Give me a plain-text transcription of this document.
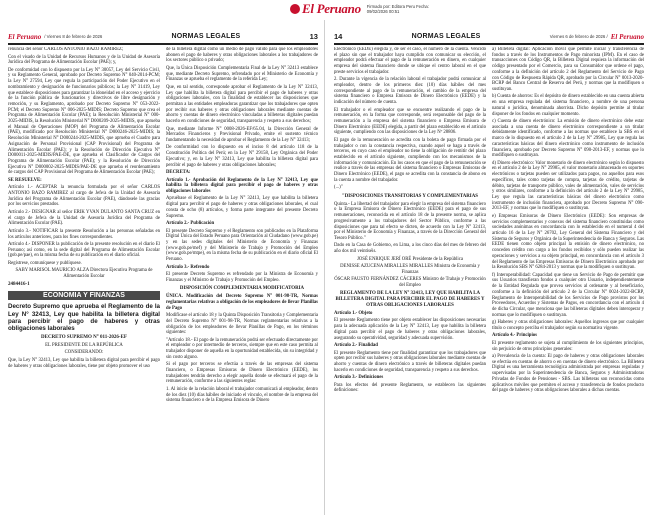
El Peruano Firmado por: Editora Peru Fecha: 09/02/2026 00:51
El Peruano / Viernes 8 de febrero de 2026	NORMAS LEGALES	13

renuncia del señor CARLOS ANTONIO BAZO RAMIREZ;

Con el visado de la Unidad de Recursos Humanos y de la Unidad de Asesoría Jurídica del Programa de Alimentación Escolar (PAE); y,

De conformidad con lo dispuesto por la Ley N° 30057, Ley del Servicio Civil, y su Reglamento General, aprobado por Decreto Supremo N° 040-2014-PCM; la Ley N° 27594, Ley que regula la participación del Poder Ejecutivo en el nombramiento y designación de funcionarios públicos; la Ley N° 31419, Ley que establece disposiciones para garantizar la idoneidad en el acceso y ejercicio de la función pública de funcionarios y directivos de libre designación y remoción, y su Reglamento, aprobado por Decreto Supremo N° 053-2022-PCM; el Decreto Supremo N° 006-2025-MIDIS; Decreto Supremo que crea el Programa de Alimentación Escolar (PAE); la Resolución Ministerial N° 000-2025-MIDIS, la Resolución Ministerial N° D000209-2025-MIDIS, que aprueba el Manual de Operaciones (MOP) del Programa de Alimentación Escolar (PAE), modificado por Resolución Ministerial N° D000246-2025-MIDIS; la Resolución Ministerial N° D000244-2025-MIDIS, que aprueba el Cuadro para Asignación de Personal Provisional (CAP Provisional) del Programa de Alimentación Escolar (PAE); y la Resolución de Dirección Ejecutiva N° D000011-2025-MIDIS/PAE-DE, que aprueba el Clasificador de Cargos del Programa de Alimentación Escolar (PAE); y la Resolución de Dirección Ejecutiva N° D000002-2025-MIDIS/PAE-DE que aprueba el reordenamiento de cargos del CAP Provisional del Programa de Alimentación Escolar (PAE);

SE RESUELVE:

Artículo 1.- ACEPTAR la renuncia formulada por el señor CARLOS ANTONIO BAZO RAMIREZ al cargo de Jefe/a de la Unidad de Asesoría Jurídica del Programa de Alimentación Escolar (PAE), dándosele las gracias por los servicios prestados.

Artículo 2.- DESIGNAR al señor ERIK YVAN DULANTO SANTA CRUZ en el cargo de Jefe/a de la Unidad de Asesoría Jurídica del Programa de Alimentación Escolar (PAE).

Artículo 3.- NOTIFICAR la presente Resolución a las personas señaladas en los artículos anteriores, para los fines correspondientes.

Artículo 4.- DISPONER la publicación de la presente resolución en el diario El Peruano; así como, en la sede digital del Programa de Alimentación Escolar (gob.pe/pae), en la misma fecha de su publicación en el diario oficial.

Regístrese, comuníquese y publíquese.

SABY MARISOL MAURICIO ALZA Directora Ejecutiva Programa de Alimentación Escolar

2484416-1

ECONOMIA Y FINANZAS
Decreto Supremo que aprueba el Reglamento de la Ley N° 32413, Ley que habilita la billetera digital para percibir el pago de haberes y otras obligaciones laborales

DECRETO SUPREMO N° 011-2026-EF

EL PRESIDENTE DE LA REPÚBLICA

CONSIDERANDO:

Que, la Ley N° 32413, Ley que habilita la billetera digital para percibir el pago de haberes y otras obligaciones laborales, tiene por objeto promover el uso

de la billetera digital como un medio de pago válido para que los empleadores abonen el pago de haberes y otras obligaciones laborales a los trabajadores de los sectores público o privado;

Que, la Única Disposición Complementaria Final de la Ley N° 32413 establece que, mediante Decreto Supremo, refrendado por el Ministerio de Economía y Finanzas se aprueba el reglamento de la referida Ley;

Que, en tal sentido, corresponde aprobar el Reglamento de la Ley N° 32413, Ley que habilita la billetera digital para percibir el pago de haberes y otras obligaciones laborales, con la finalidad de establecer las disposiciones que permitan a las entidades empleadoras garantizar que los trabajadores que opten por recibir sus haberes y otras obligaciones laborales mediante cuentas de ahorro y cuentas de dinero electrónico vinculadas a billeteras digitales puedan hacerlo en condiciones de seguridad, transparencia y respeto a sus derechos;

Que, mediante Informe N° 0008-2026-EF/65.04, la Dirección General de Mercados Financieros y Previsional Privado, emite el sustento técnico fundamentando la necesidad de aprobar el Reglamento de la Ley N° 32413;

De conformidad con lo dispuesto en el inciso 8 del artículo 118 de la Constitución Política del Perú; en la Ley N° 29158, Ley Orgánica del Poder Ejecutivo; y, en la Ley N° 32413, Ley que habilita la billetera digital para percibir el pago de haberes y otras obligaciones laborales;

DECRETA:

Artículo 1.- Aprobación del Reglamento de la Ley N° 32413, Ley que habilita la billetera digital para percibir el pago de haberes y otras obligaciones laborales

Apruébase el Reglamento de la Ley N° 32413, Ley que habilita la billetera digital para percibir el pago de haberes y otras obligaciones laborales, el cual consta de ocho (8) artículos, y forma parte integrante del presente Decreto Supremo.

Artículo 2.- Publicación

El presente Decreto Supremo y el Reglamento son publicados en la Plataforma Digital Única del Estado Peruano para Orientación al Ciudadano (www.gob.pe) y en las sedes digitales del Ministerio de Economía y Finanzas (www.gob.pe/mef) y del Ministerio de Trabajo y Promoción del Empleo (www.gob.pe/mtpe), en la misma fecha de su publicación en el diario oficial El Peruano.

Artículo 3.- Refrendo

El presente Decreto Supremo es refrendado por la Ministra de Economía y Finanzas y el Ministro de Trabajo y Promoción del Empleo.

DISPOSICIÓN COMPLEMENTARIA MODIFICATORIA

ÚNICA. Modificación del Decreto Supremo N° 001-98-TR, Normas reglamentarias relativas a obligación de los empleadores de llevar Planillas de Pago

Modifícase el artículo 18 y la Quinta Disposición Transitoria y Complementaria del Decreto Supremo N° 001-98-TR, Normas reglamentarias relativas a la obligación de los empleadores de llevar Planillas de Pago, en los términos siguientes:

"Artículo 18.- El pago de la remuneración podrá ser efectuado directamente por el empleador o por intermedio de terceros, siempre que en este caso permita al trabajador disponer de aquella en la oportunidad establecida, sin su integridad y sin costo alguno.

Si el pago por terceros se efectúa a través de las empresas del sistema financiero, o Empresas Emisoras de Dinero Electrónico (EEDE), los trabajadores tendrán derecho a elegir aquella donde se efectuará el pago de la remuneración, conforme a las siguientes reglas:

1. Al inicio de la relación laboral el trabajador comunicará al empleador, dentro de los diez (10) días hábiles de iniciado el vínculo, el nombre de la empresa del sistema financiero o de la Empresa Emisora de Dinero

14	NORMAS LEGALES	Viernes 6 de febrero de 2026 / El Peruano

Electrónico (EEDE) elegida y, de ser el caso, el número de la cuenta. Vencido el plazo sin que el trabajador haya cumplido con comunicar su elección, el empleador podrá efectuar el pago de la remuneración en dinero, en cualquier empresa del sistema financiero donde se ubique el centro laboral en el que preste servicios el trabajador.

2. Durante la vigencia de la relación laboral el trabajador podrá comunicar al empleador, dentro de los primeros diez (10) días hábiles del mes correspondiente al pago de la remuneración, el cambio de la empresa del sistema financiero o Empresa Emisora de Dinero Electrónico (EEDE) y la indicación del número de cuenta.

El trabajador o el empleador que se encuentre realizando el pago de la remuneración, en la forma que corresponde, será responsable del pago de la remuneración a la empresa del sistema financiero o Empresa Emisora de Dinero Electrónico (EEDE) elegida, a partir del plazo establecido en el artículo siguiente, cumpliendo con las disposiciones de la Ley Nº 28806.

El pago de la remuneración se acredita con la boleta de pago firmada por el trabajador o con la constancia respectiva, cuando aquel se haga a través de terceros, en cuyo caso el empleador no tiene la obligación de remitir del plazo establecido en el artículo siguiente, cumpliendo con los mecanismos de la información y comunicación. En los casos en que el pago de la remuneración se realice a través de las empresas del sistema financiero o Empresas Emisoras de Dinero Electrónico (EEDE), el pago se acredita con la constancia de abono en la cuenta a nombre del trabajador.

(...)"

"DISPOSICIONES TRANSITORIAS Y COMPLEMENTARIAS

Quinta.- La libertad del trabajador para elegir la empresa del sistema financiero o la Empresa Emisora de Dinero Electrónico (EEDE) para el pago de sus remuneraciones, reconocida en el artículo 18 de la presente norma, se aplica progresivamente a los trabajadores del Sector Público, conforme a las disposiciones que para tal efecto se dicten, de acuerdo con la Ley N° 32413, por el Ministerio de Economía y Finanzas, a través de la Dirección General del Tesoro Público."

Dado en la Casa de Gobierno, en Lima, a los cinco días del mes de febrero del año dos mil veintiséis.

JOSÉ ENRIQUE JERÍ ORÉ Presidente de la República

DENISSE AZUCENA MIRALLES MIRALLES Ministra de Economía y Finanzas

ÓSCAR FAUSTO FERNÁNDEZ CÁCERES Ministro de Trabajo y Promoción del Empleo

REGLAMENTO DE LA LEY N° 32413, LEY QUE HABILITA LA BILLETERA DIGITAL PARA PERCIBIR EL PAGO DE HABERES Y OTRAS OBLIGACIONES LABORALES

Artículo 1.- Objeto

El presente Reglamento tiene por objeto establecer las disposiciones necesarias para la adecuada aplicación de la Ley N° 32413, Ley que habilita la billetera digital para percibir el pago de haberes y otras obligaciones laborales, asegurando su operatividad, seguridad y adecuada supervisión.

Artículo 2.- Finalidad

El presente Reglamento tiene por finalidad garantizar que los trabajadores que opten por recibir sus haberes y otras obligaciones laborales mediante cuentas de ahorro y cuentas de dinero electrónico a través de billeteras digitales puedan hacerlo en condiciones de seguridad, transparencia y respeto a sus derechos.

Artículo 3.- Definiciones

Para los efectos del presente Reglamento, se establecen las siguientes definiciones:

a) Billetera digital: Aplicación móvil que permite iniciar y transferencia de fondos a través de los Instrumentos de Pago minorista (IPM). En el caso de transacciones con Código QR, la Billetera Digital requiera la información del código presentado por el Comercio, para su Consumidor que ordene el pago, conforme a la definición del artículo 2 del Reglamento del Servicio de Pago con Código de Respuesta Rápida QR, aprobado por la Circular N° 0013-2020-BCRP del Banco Central de Reserva del Perú, y normas que la modifiquen o sustituyan.

b) Cuenta de ahorros: Es el depósito de dinero establecido en una cuenta abierta en una empresa regulada del sistema financiero, a nombre de una persona natural o jurídica, denominada ahorrista. Dicho depósito permite al titular disponer de los fondos en cualquier momento.

c) Cuenta de dinero electrónico: La emisión de dinero electrónico debe estar asociada a una cuenta de dinero electrónico correspondiente a un titular debidamente identificado, conforme a las normas que establece la SBS en el marco de lo dispuesto en el artículo 2 de la Ley N° 29985, Ley que regula las características básicas del dinero electrónico como instrumento de inclusión financiera, aprobado por Decreto Supremo N° 090-2013-EF, y normas que lo modifiquen o sustituyan.

d) Dinero electrónico: Valor monetario de dinero electrónico según lo dispuesto en el artículo 2 de la Ley N° 29985, el valor monetario almacenado en soportes electrónicos o tarjetas pueden ser utilizados para pagos, no aquellos para esos específicos, tales como tarjetas de compra, tarjetas de crédito, tarjetas de débito, tarjetas de transporte público, vales de alimentación, vales de servicios y otros similares, conforme a la definición del artículo 2 de la Ley N° 29985, Ley que regula las características básicas del dinero electrónico como instrumento de inclusión financiera, aprobado por Decreto Supremo N° 090-2013-EF, y normas que lo modifiquen o sustituyan.

e) Empresas Emisoras de Dinero Electrónico (EEDE): Son empresas de servicios complementarios y conexos del sistema financiero constituidas como sociedades anónimas en concordancia con lo establecido en el numeral 4 del artículo 16 de la Ley N° 26702, Ley General del Sistema Financiero y del Sistema de Seguros y Orgánica de la Superintendencia de Banca y Seguros. Las EEDE tienen como objeto principal la emisión de dinero electrónico, no conceden crédito con cargo a los fondos recibidos y sólo pueden realizar las operaciones y servicios a su objeto principal, en concordancia con el artículo 3 del Reglamento de las Empresas Emisoras de Dinero Electrónico aprobado por la Resolución SBS N° 6284-2013 y normas que la modifiquen o sustituyan.

f) Interoperabilidad: Capacidad que tiene un Servicio de Pago de permitir que sus Usuarios transfieran fondos a cualquier otro Usuario, independientemente de la Entidad Regulada que provea servicios al ordenante y al beneficiario, conforme a la definición del artículo 2 de la Circular N° 0024-2022-BCRP, Reglamento de Interoperabilidad de los Servicios de Pago provistos por los Proveedores, Acuerdos y Sistemas de Pagos, en concordancia con el artículo 4 de dicha Circular, que menciona que las billeteras digitales deben interoperar y normas que lo modifiquen o sustituyan.

g) Haberes y otras obligaciones laborales: Aquellos ingresos que por cualquier título o concepto perciba el trabajador según su normativa vigente.

Artículo 4.- Principios

El presente reglamento se sujeta al cumplimiento de los siguientes principios, sin perjuicio de otros principios generales:

a) Prevalencia de la cuenta: El pago de haberes y otras obligaciones laborales se efectúa en cuentas de ahorro o en cuentas de dinero electrónico. La Billetera Digital es una herramienta tecnológica administrada por empresas reguladas y supervisadas por la Superintendencia de Banca, Seguros y Administradoras Privadas de Fondos de Pensiones - SBS. Las billeteras son reconocidas como aplicativos móviles que permiten el acceso y transferencia de fondos producto del pago de haberes y otras obligaciones laborales a dichas cuentas.
